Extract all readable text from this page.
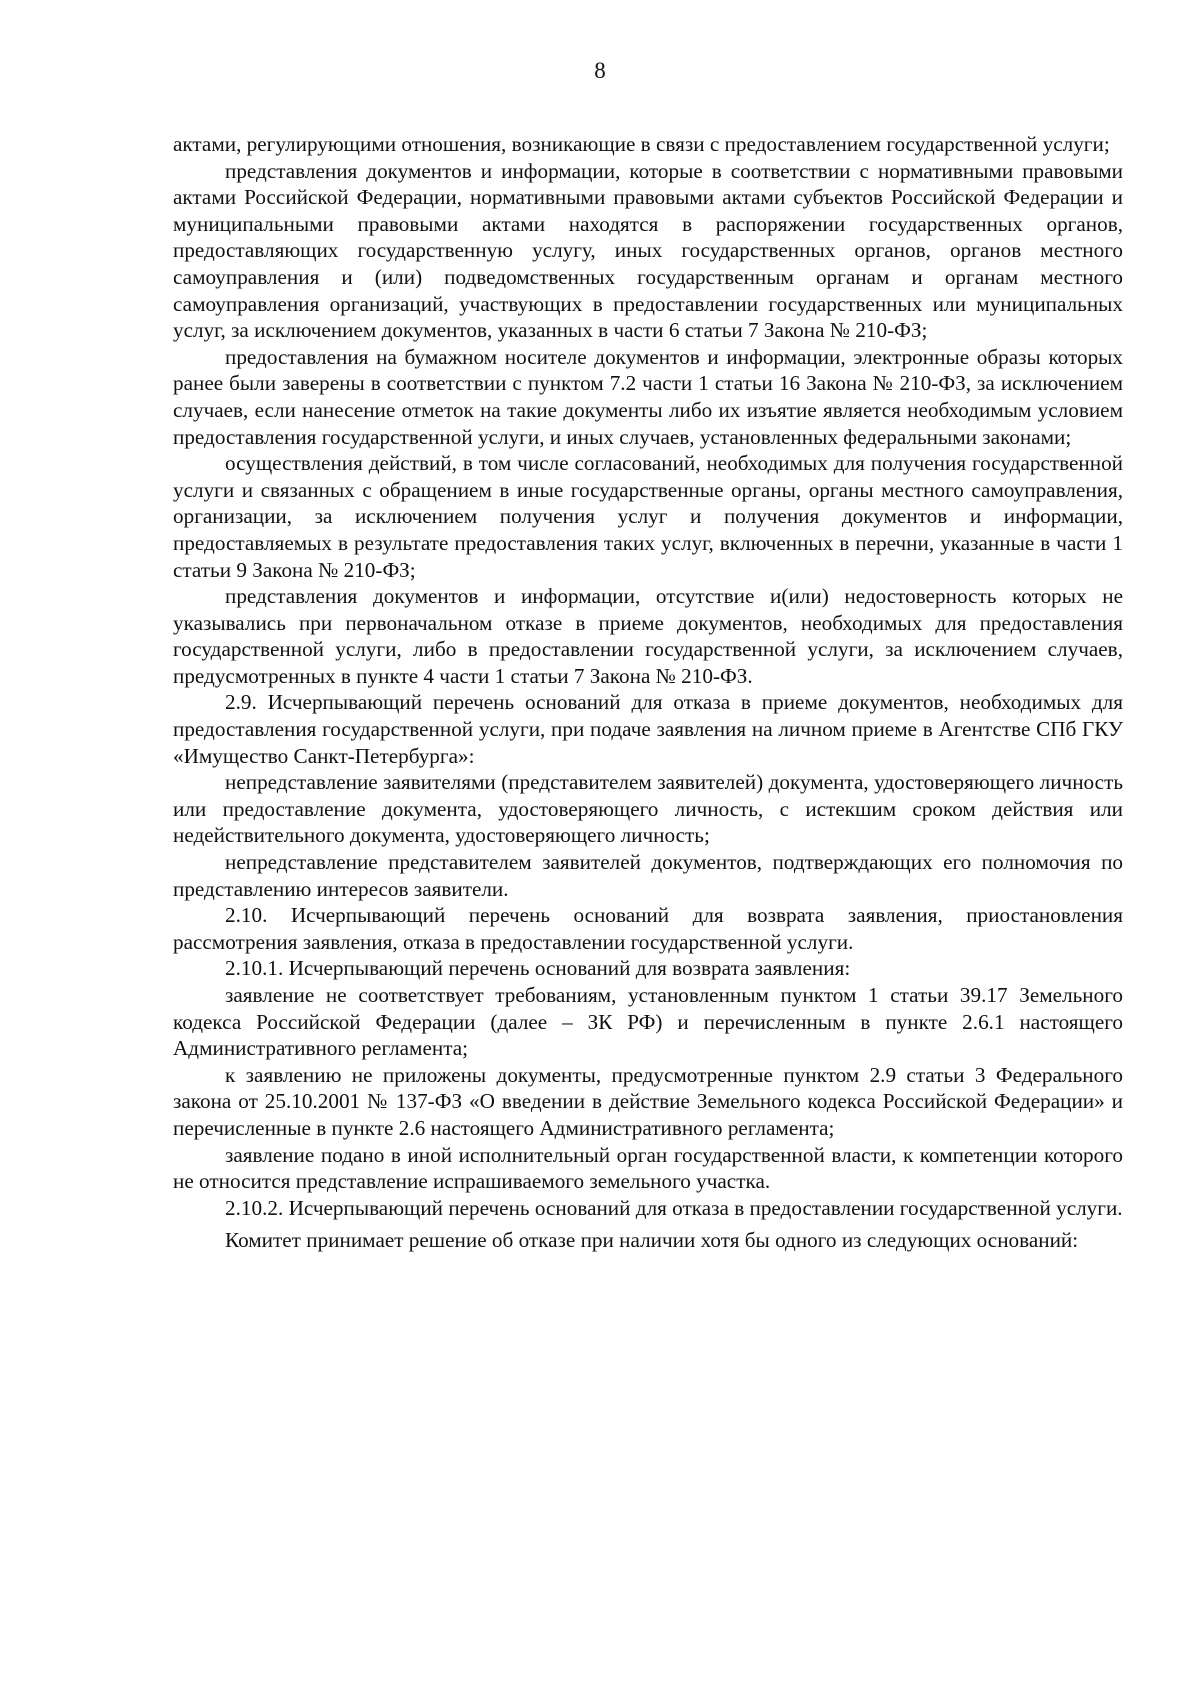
8

актами, регулирующими отношения, возникающие в связи с предоставлением государственной услуги;

представления документов и информации, которые в соответствии с нормативными правовыми актами Российской Федерации, нормативными правовыми актами субъектов Российской Федерации и муниципальными правовыми актами находятся в распоряжении государственных органов, предоставляющих государственную услугу, иных государственных органов, органов местного самоуправления и (или) подведомственных государственным органам и органам местного самоуправления организаций, участвующих в предоставлении государственных или муниципальных услуг, за исключением документов, указанных в части 6 статьи 7 Закона № 210-ФЗ;

предоставления на бумажном носителе документов и информации, электронные образы которых ранее были заверены в соответствии с пунктом 7.2 части 1 статьи 16 Закона № 210-ФЗ, за исключением случаев, если нанесение отметок на такие документы либо их изъятие является необходимым условием предоставления государственной услуги, и иных случаев, установленных федеральными законами;

осуществления действий, в том числе согласований, необходимых для получения государственной услуги и связанных с обращением в иные государственные органы, органы местного самоуправления, организации, за исключением получения услуг и получения документов и информации, предоставляемых в результате предоставления таких услуг, включенных в перечни, указанные в части 1 статьи 9 Закона № 210-ФЗ;

представления документов и информации, отсутствие и(или) недостоверность которых не указывались при первоначальном отказе в приеме документов, необходимых для предоставления государственной услуги, либо в предоставлении государственной услуги, за исключением случаев, предусмотренных в пункте 4 части 1 статьи 7 Закона № 210-ФЗ.

2.9. Исчерпывающий перечень оснований для отказа в приеме документов, необходимых для предоставления государственной услуги, при подаче заявления на личном приеме в Агентстве СПб ГКУ «Имущество Санкт-Петербурга»:

непредставление заявителями (представителем заявителей) документа, удостоверяющего личность или предоставление документа, удостоверяющего личность, с истекшим сроком действия или недействительного документа, удостоверяющего личность;

непредставление представителем заявителей документов, подтверждающих его полномочия по представлению интересов заявители.

2.10. Исчерпывающий перечень оснований для возврата заявления, приостановления рассмотрения заявления, отказа в предоставлении государственной услуги.

2.10.1. Исчерпывающий перечень оснований для возврата заявления:

заявление не соответствует требованиям, установленным пунктом 1 статьи 39.17 Земельного кодекса Российской Федерации (далее – ЗК РФ) и перечисленным в пункте 2.6.1 настоящего Административного регламента;

к заявлению не приложены документы, предусмотренные пунктом 2.9 статьи 3 Федерального закона от 25.10.2001 № 137-ФЗ «О введении в действие Земельного кодекса Российской Федерации» и перечисленные в пункте 2.6 настоящего Административного регламента;

заявление подано в иной исполнительный орган государственной власти, к компетенции которого не относится представление испрашиваемого земельного участка.

2.10.2. Исчерпывающий перечень оснований для отказа в предоставлении государственной услуги.

Комитет принимает решение об отказе при наличии хотя бы одного из следующих оснований:
